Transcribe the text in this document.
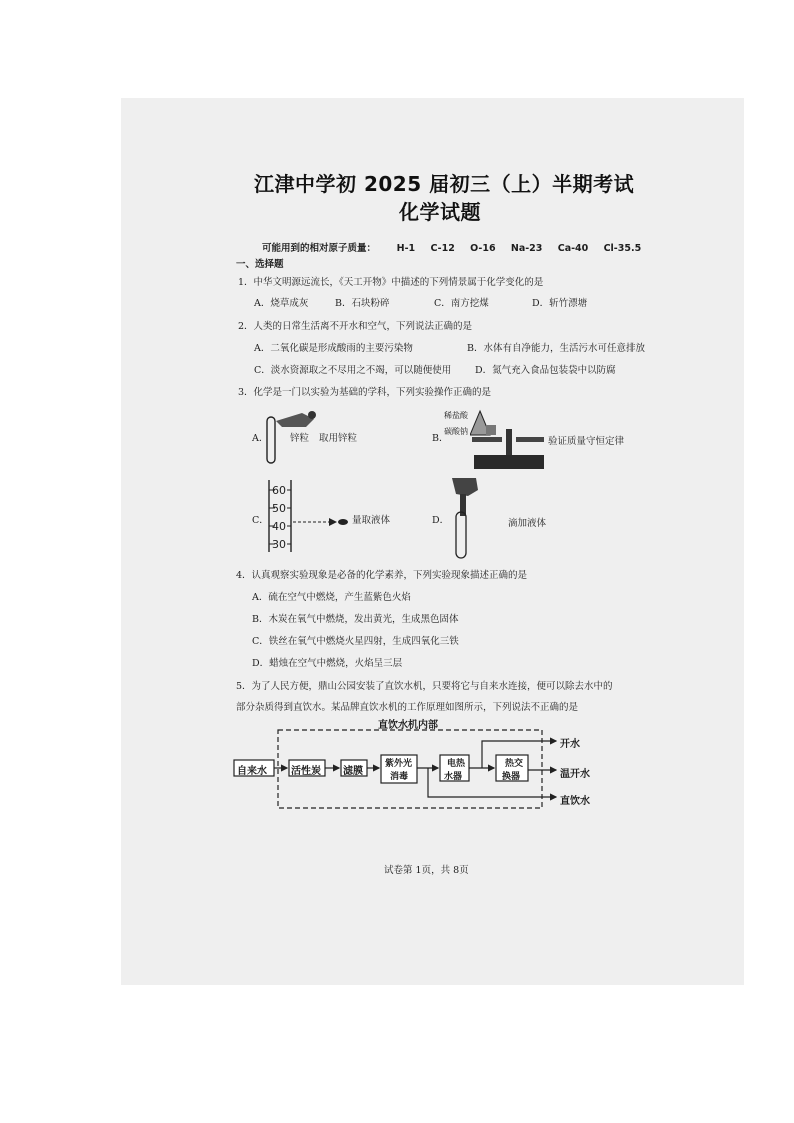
江津中学初 2025 届初三（上）半期考试
化学试题
可能用到的相对原子质量： H-1 C-12 O-16 Na-23 Ca-40 Cl-35.5
一、选择题
1．中华文明源远流长，《天工开物》中描述的下列情景属于化学变化的是
A．烧草成灰	B．石块粉碎	C．南方挖煤	D．斩竹漂塘
2．人类的日常生活离不开水和空气，下列说法正确的是
A．二氧化碳是形成酸雨的主要污染物	B．水体有自净能力，生活污水可任意排放
C．淡水资源取之不尽用之不竭，可以随便使用 D．氮气充入食品包装袋中以防腐
3．化学是一门以实验为基础的学科，下列实验操作正确的是
A． 锌粒 取用锌粒	B．
稀盐酸
碳酸钠
验证质量守恒定律
C．
60
50
40
30
量取液体	D．	滴加液体
4．认真观察实验现象是必备的化学素养，下列实验现象描述正确的是
A．硫在空气中燃烧，产生蓝紫色火焰
B．木炭在氧气中燃烧，发出黄光，生成黑色固体
C．铁丝在氧气中燃烧火星四射，生成四氧化三铁
D．蜡烛在空气中燃烧，火焰呈三层
5．为了人民方便，鼎山公园安装了直饮水机，只要将它与自来水连接，便可以除去水中的
部分杂质得到直饮水。某品牌直饮水机的工作原理如图所示，下列说法不正确的是
直饮水机内部
自来水 活性炭 滤膜
紫外光
消毒
电热
水器
热交
换器
开水
温开水
直饮水
试卷第 1页，共 8页
